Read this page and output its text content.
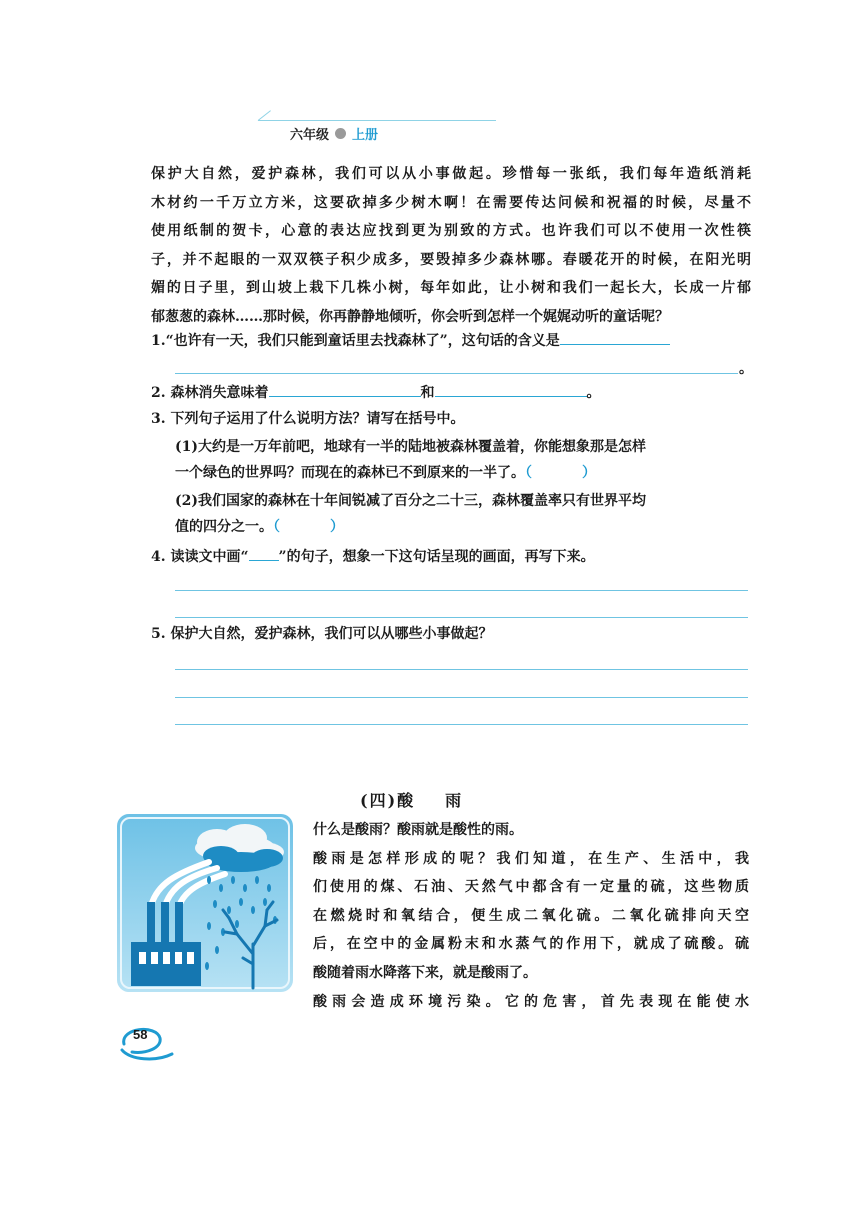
六年级 上册

保护大自然，爱护森林，我们可以从小事做起。珍惜每一张纸，我们每年造纸消耗

木材约一千万立方米，这要砍掉多少树木啊！在需要传达问候和祝福的时候，尽量不

使用纸制的贺卡，心意的表达应找到更为别致的方式。也许我们可以不使用一次性筷

子，并不起眼的一双双筷子积少成多，要毁掉多少森林哪。春暖花开的时候，在阳光明

媚的日子里，到山坡上栽下几株小树，每年如此，让小树和我们一起长大，长成一片郁

郁葱葱的森林……那时候，你再静静地倾听，你会听到怎样一个娓娓动听的童话呢？

1.“也许有一天，我们只能到童话里去找森林了”，这句话的含义是
。
2. 森林消失意味着	和	。
3. 下列句子运用了什么说明方法？请写在括号中。
(1)大约是一万年前吧，地球有一半的陆地被森林覆盖着，你能想象那是怎样
一个绿色的世界吗？而现在的森林已不到原来的一半了。（	）
(2)我们国家的森林在十年间锐减了百分之二十三，森林覆盖率只有世界平均
值的四分之一。（	）
4. 读读文中画“ ”的句子，想象一下这句话呈现的画面，再写下来。
5. 保护大自然，爱护森林，我们可以从哪些小事做起？
(四)酸 雨

什么是酸雨？酸雨就是酸性的雨。

酸雨是怎样形成的呢？我们知道，在生产、生活中，我

们使用的煤、石油、天然气中都含有一定量的硫，这些物质

在燃烧时和氧结合，便生成二氧化硫。二氧化硫排向天空

后，在空中的金属粉末和水蒸气的作用下，就成了硫酸。硫

酸随着雨水降落下来，就是酸雨了。

酸雨会造成环境污染。它的危害，首先表现在能使水

58
